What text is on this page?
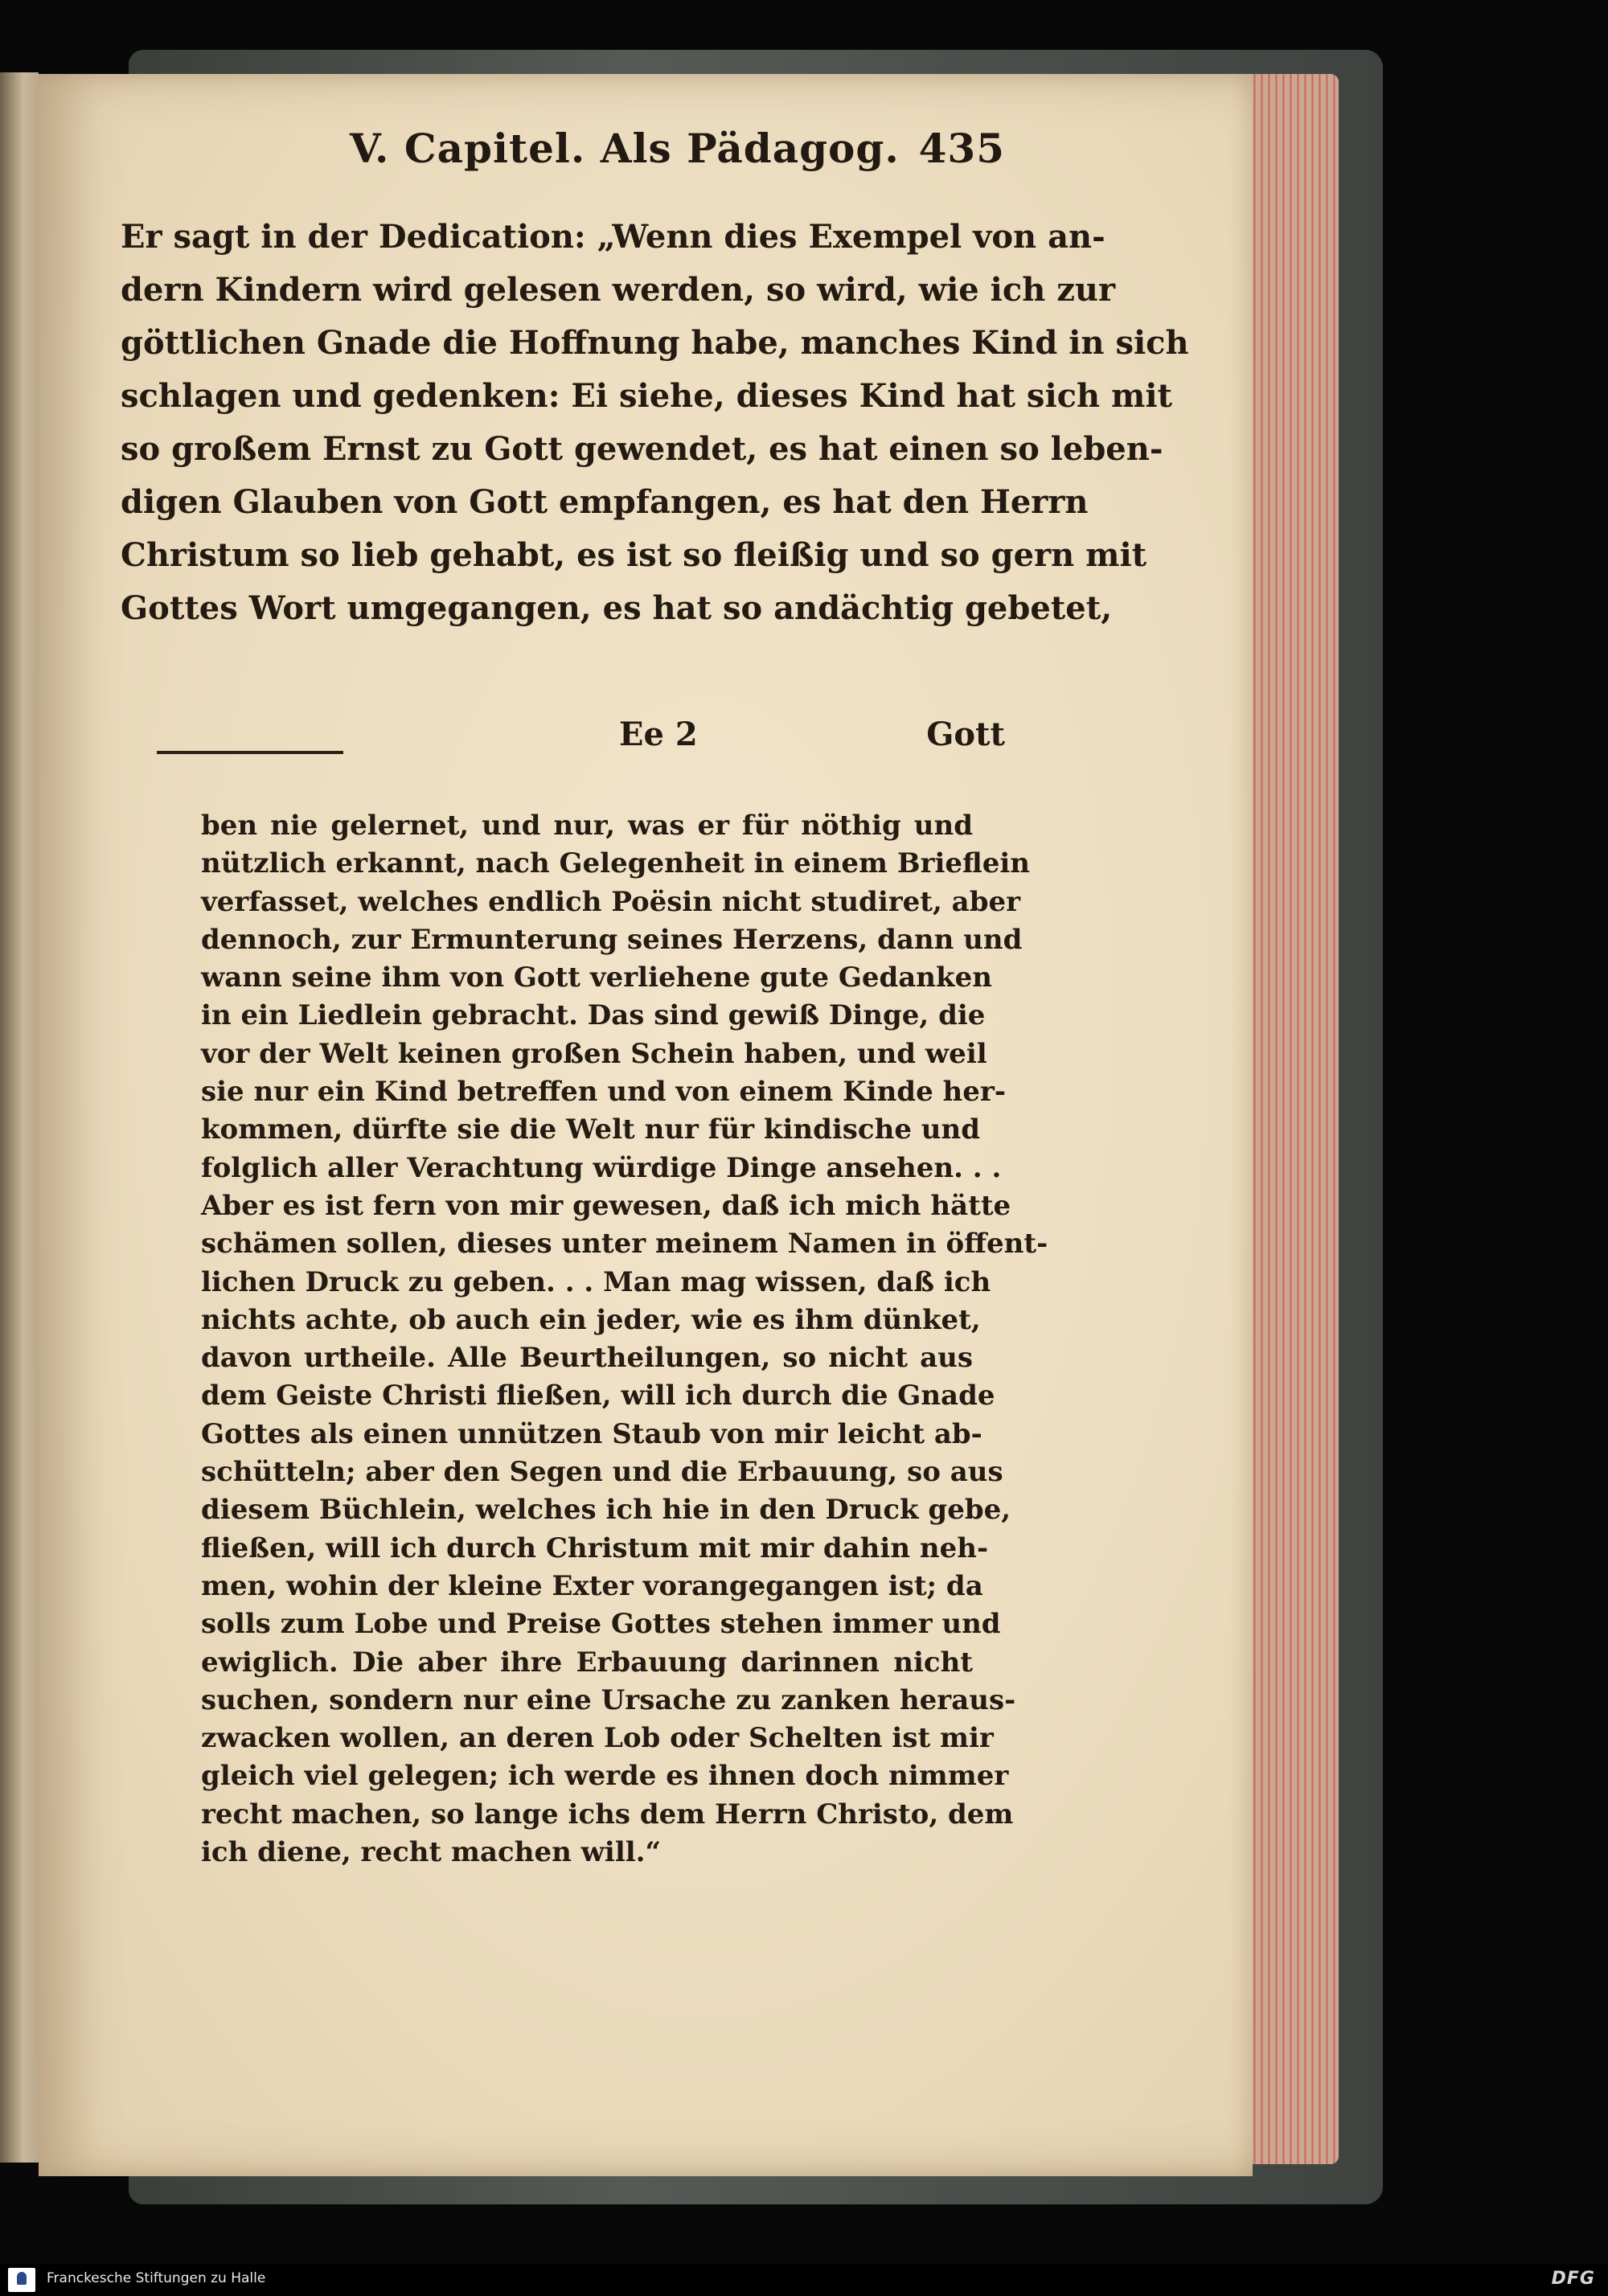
V. Capitel. Als Pädagog. 435
Er sagt in der Dedication: „Wenn dies Exempel von an-
dern Kindern wird gelesen werden, so wird, wie ich zur
göttlichen Gnade die Hoffnung habe, manches Kind in sich
schlagen und gedenken: Ei siehe, dieses Kind hat sich mit
so großem Ernst zu Gott gewendet, es hat einen so leben-
digen Glauben von Gott empfangen, es hat den Herrn
Christum so lieb gehabt, es ist so fleißig und so gern mit
Gottes Wort umgegangen, es hat so andächtig gebetet,
Ee 2	Gott
ben nie gelernet, und nur, was er für nöthig und
nützlich erkannt, nach Gelegenheit in einem Brieflein
verfasset, welches endlich Poësin nicht studiret, aber
dennoch, zur Ermunterung seines Herzens, dann und
wann seine ihm von Gott verliehene gute Gedanken
in ein Liedlein gebracht. Das sind gewiß Dinge, die
vor der Welt keinen großen Schein haben, und weil
sie nur ein Kind betreffen und von einem Kinde her-
kommen, dürfte sie die Welt nur für kindische und
folglich aller Verachtung würdige Dinge ansehen. . .
Aber es ist fern von mir gewesen, daß ich mich hätte
schämen sollen, dieses unter meinem Namen in öffent-
lichen Druck zu geben. . . Man mag wissen, daß ich
nichts achte, ob auch ein jeder, wie es ihm dünket,
davon urtheile. Alle Beurtheilungen, so nicht aus
dem Geiste Christi fließen, will ich durch die Gnade
Gottes als einen unnützen Staub von mir leicht ab-
schütteln; aber den Segen und die Erbauung, so aus
diesem Büchlein, welches ich hie in den Druck gebe,
fließen, will ich durch Christum mit mir dahin neh-
men, wohin der kleine Exter vorangegangen ist; da
solls zum Lobe und Preise Gottes stehen immer und
ewiglich. Die aber ihre Erbauung darinnen nicht
suchen, sondern nur eine Ursache zu zanken heraus-
zwacken wollen, an deren Lob oder Schelten ist mir
gleich viel gelegen; ich werde es ihnen doch nimmer
recht machen, so lange ichs dem Herrn Christo, dem
ich diene, recht machen will.“
Franckesche Stiftungen zu Halle	DFG
